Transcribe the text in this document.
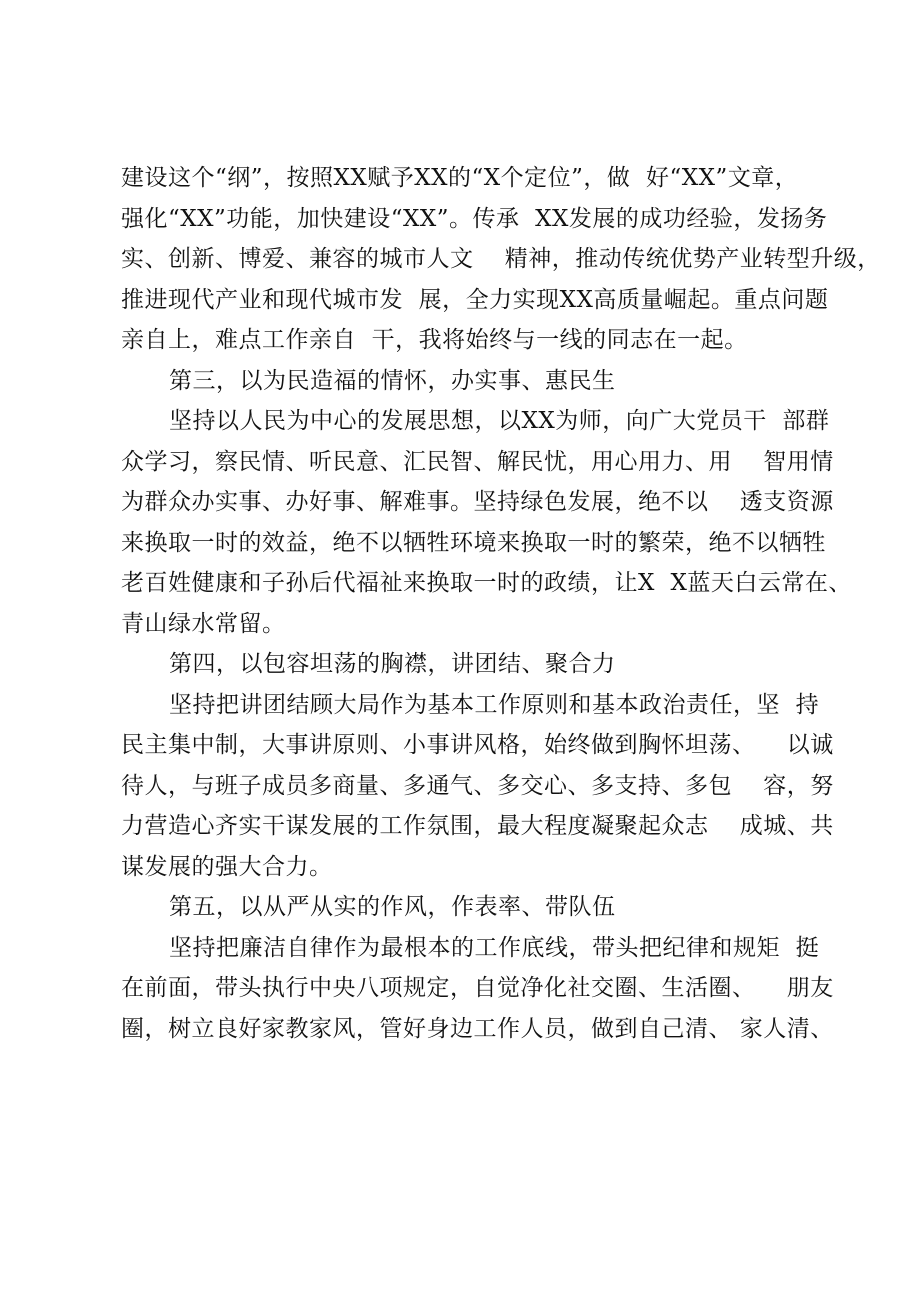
建设这个“纲”，按照XX赋予XX的“X个定位”，做  好“XX”文章，
强化“XX”功能，加快建设“XX”。传承  XX发展的成功经验，发扬务
实、创新、博爱、兼容的城市人文    精神，推动传统优势产业转型升级，
推进现代产业和现代城市发  展，全力实现XX高质量崛起。重点问题
亲自上，难点工作亲自  干，我将始终与一线的同志在一起。
第三，以为民造福的情怀，办实事、惠民生
坚持以人民为中心的发展思想，以XX为师，向广大党员干  部群
众学习，察民情、听民意、汇民智、解民忧，用心用力、用    智用情
为群众办实事、办好事、解难事。坚持绿色发展，绝不以    透支资源
来换取一时的效益，绝不以牺牲环境来换取一时的繁荣，绝不以牺牲
老百姓健康和子孙后代福祉来换取一时的政绩，让X  X蓝天白云常在、
青山绿水常留。
第四，以包容坦荡的胸襟，讲团结、聚合力
坚持把讲团结顾大局作为基本工作原则和基本政治责任，坚  持
民主集中制，大事讲原则、小事讲风格，始终做到胸怀坦荡、    以诚
待人，与班子成员多商量、多通气、多交心、多支持、多包    容，努
力营造心齐实干谋发展的工作氛围，最大程度凝聚起众志    成城、共
谋发展的强大合力。
第五，以从严从实的作风，作表率、带队伍
坚持把廉洁自律作为最根本的工作底线，带头把纪律和规矩  挺
在前面，带头执行中央八项规定，自觉净化社交圈、生活圈、    朋友
圈，树立良好家教家风，管好身边工作人员，做到自己清、 家人清、
